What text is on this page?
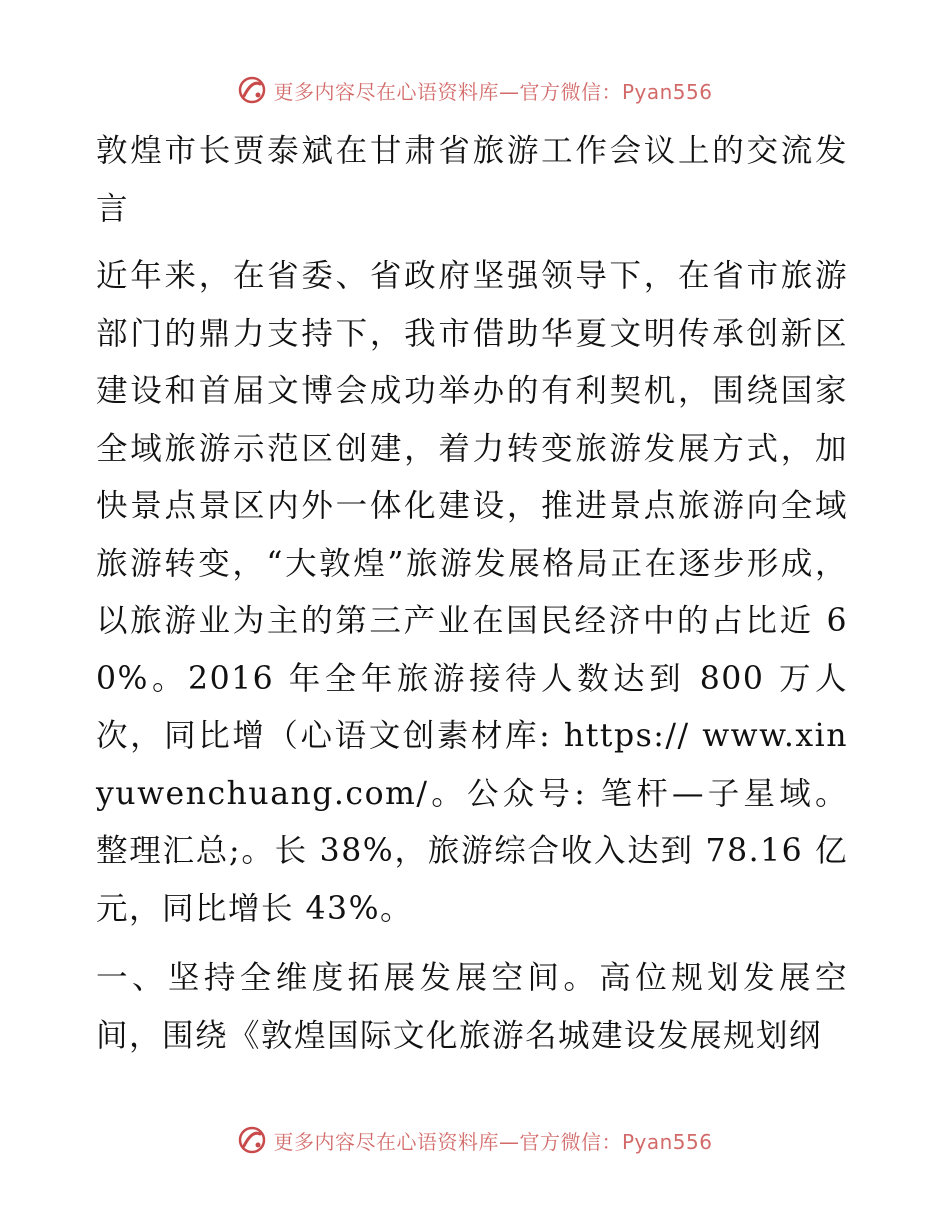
更多内容尽在心语资料库—官方微信：Pyan556

敦煌市长贾泰斌在甘肃省旅游工作会议上的交流发言

近年来，在省委、省政府坚强领导下，在省市旅游部门的鼎力支持下，我市借助华夏文明传承创新区建设和首届文博会成功举办的有利契机，围绕国家全域旅游示范区创建，着力转变旅游发展方式，加快景点景区内外一体化建设，推进景点旅游向全域旅游转变，“大敦煌”旅游发展格局正在逐步形成，以旅游业为主的第三产业在国民经济中的占比近 60%。2016 年全年旅游接待人数达到 800 万人次，同比增（心语文创素材库: https:// www.xinyuwenchuang.com/。公众号: 笔杆—子星域。整理汇总;。长 38%，旅游综合收入达到 78.16 亿元，同比增长 43%。

一、坚持全维度拓展发展空间。高位规划发展空间，围绕《敦煌国际文化旅游名城建设发展规划纲

更多内容尽在心语资料库—官方微信：Pyan556
